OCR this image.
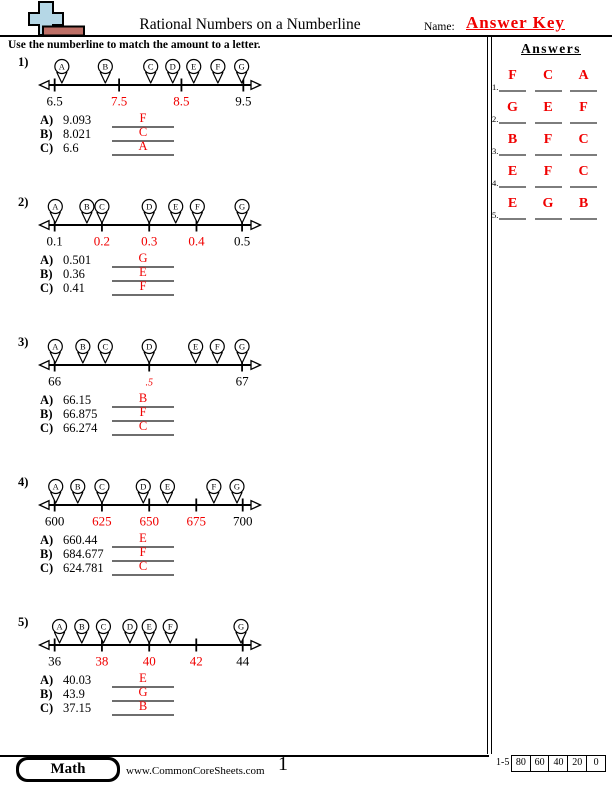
Rational Numbers on a Numberline	Name: Answer Key
Use the numberline to match the amount to a letter.	Answers
1.
F	C	A
2.
G	E	F
3.
B	F	C
4.
E	F	C
5.
E	G	B
Math	www.CommonCoreSheets.com 1	1-5 80 60 40 20	0
1)
6.5	7.5	8.5	9.5
A	B	C D E F G
A) 9.093	F
B) 8.021	C
C) 6.6	A
2)
0.1 0.2 0.3 0.4 0.5
A	B C	D E F	G
A) 0.501	G
B) 0.36	E
C) 0.41	F
3)
66	.5	67
A	B C	D	E F G
A) 66.15	B
B) 66.875	F
C) 66.274	C
4)
600 625 650 675 700
A B C	D E	F G
A) 660.44	E
B) 684.677	F
C) 624.781	C
5)
36	38	40	42	44
A B C D E F	G
A) 40.03	E
B) 43.9	G
C) 37.15	B
